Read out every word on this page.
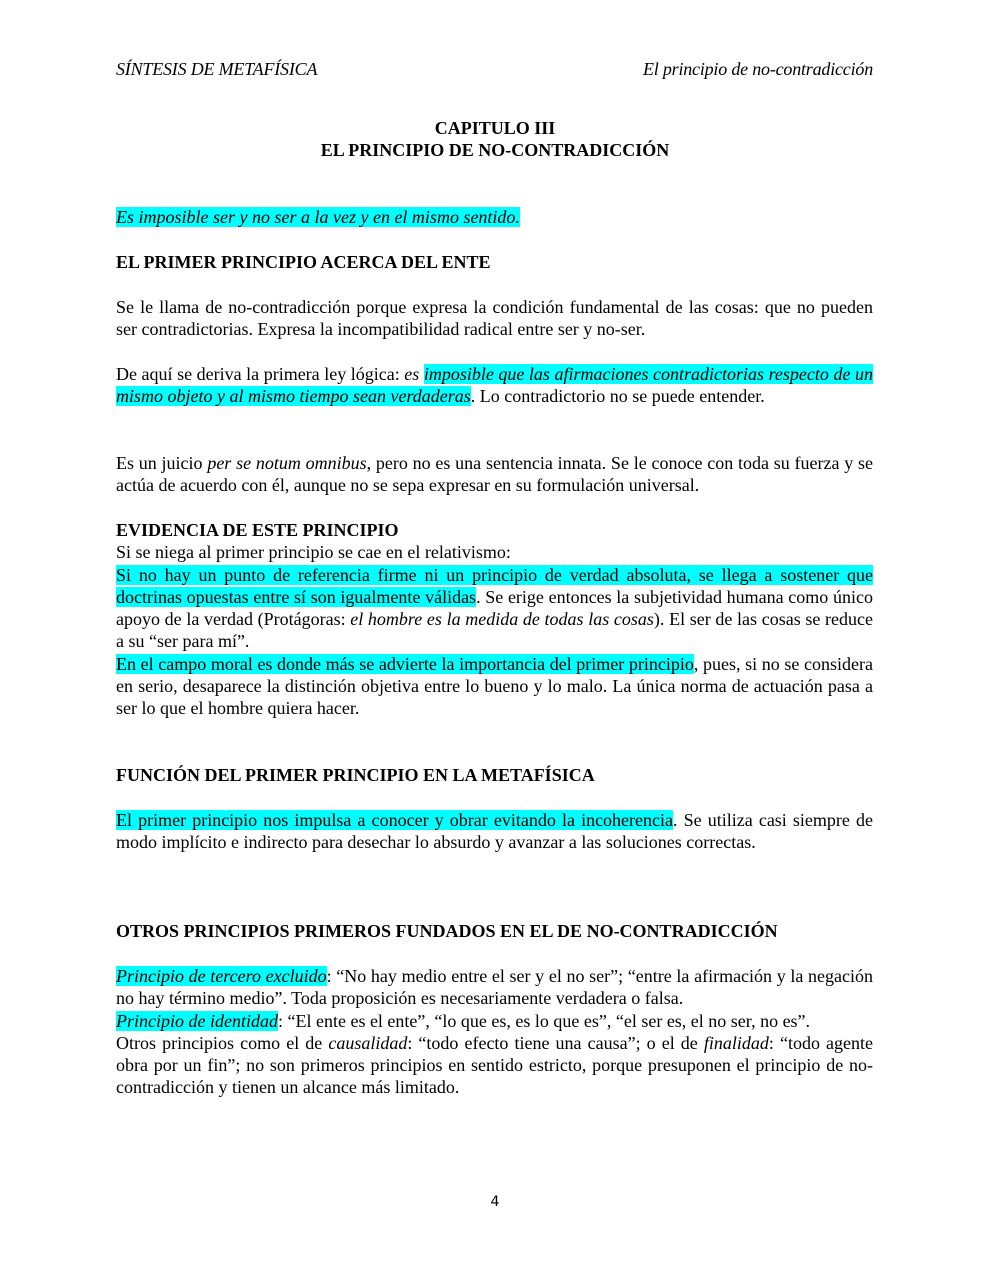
SÍNTESIS DE METAFÍSICA	El principio de no-contradicción
CAPITULO III
EL PRINCIPIO DE NO-CONTRADICCIÓN
Es imposible ser y no ser a la vez y en el mismo sentido.
EL PRIMER PRINCIPIO ACERCA DEL ENTE
Se le llama de no-contradicción porque expresa la condición fundamental de las cosas: que no pueden ser contradictorias. Expresa la incompatibilidad radical entre ser y no-ser.
De aquí se deriva la primera ley lógica: es imposible que las afirmaciones contradictorias respecto de un mismo objeto y al mismo tiempo sean verdaderas. Lo contradictorio no se puede entender.
Es un juicio per se notum omnibus, pero no es una sentencia innata. Se le conoce con toda su fuerza y se actúa de acuerdo con él, aunque no se sepa expresar en su formulación universal.
EVIDENCIA DE ESTE PRINCIPIO
Si se niega al primer principio se cae en el relativismo:
Si no hay un punto de referencia firme ni un principio de verdad absoluta, se llega a sostener que doctrinas opuestas entre sí son igualmente válidas. Se erige entonces la subjetividad humana como único apoyo de la verdad (Protágoras: el hombre es la medida de todas las cosas). El ser de las cosas se reduce a su “ser para mí”.
En el campo moral es donde más se advierte la importancia del primer principio, pues, si no se considera en serio, desaparece la distinción objetiva entre lo bueno y lo malo. La única norma de actuación pasa a ser lo que el hombre quiera hacer.
FUNCIÓN DEL PRIMER PRINCIPIO EN LA METAFÍSICA
El primer principio nos impulsa a conocer y obrar evitando la incoherencia. Se utiliza casi siempre de modo implícito e indirecto para desechar lo absurdo y avanzar a las soluciones correctas.
OTROS PRINCIPIOS PRIMEROS FUNDADOS EN EL DE NO-CONTRADICCIÓN
Principio de tercero excluido: “No hay medio entre el ser y el no ser”; “entre la afirmación y la negación no hay término medio”. Toda proposición es necesariamente verdadera o falsa.
Principio de identidad: “El ente es el ente”, “lo que es, es lo que es”, “el ser es, el no ser, no es”.
Otros principios como el de causalidad: “todo efecto tiene una causa”; o el de finalidad: “todo agente obra por un fin”; no son primeros principios en sentido estricto, porque presuponen el principio de no-contradicción y tienen un alcance más limitado.
4
